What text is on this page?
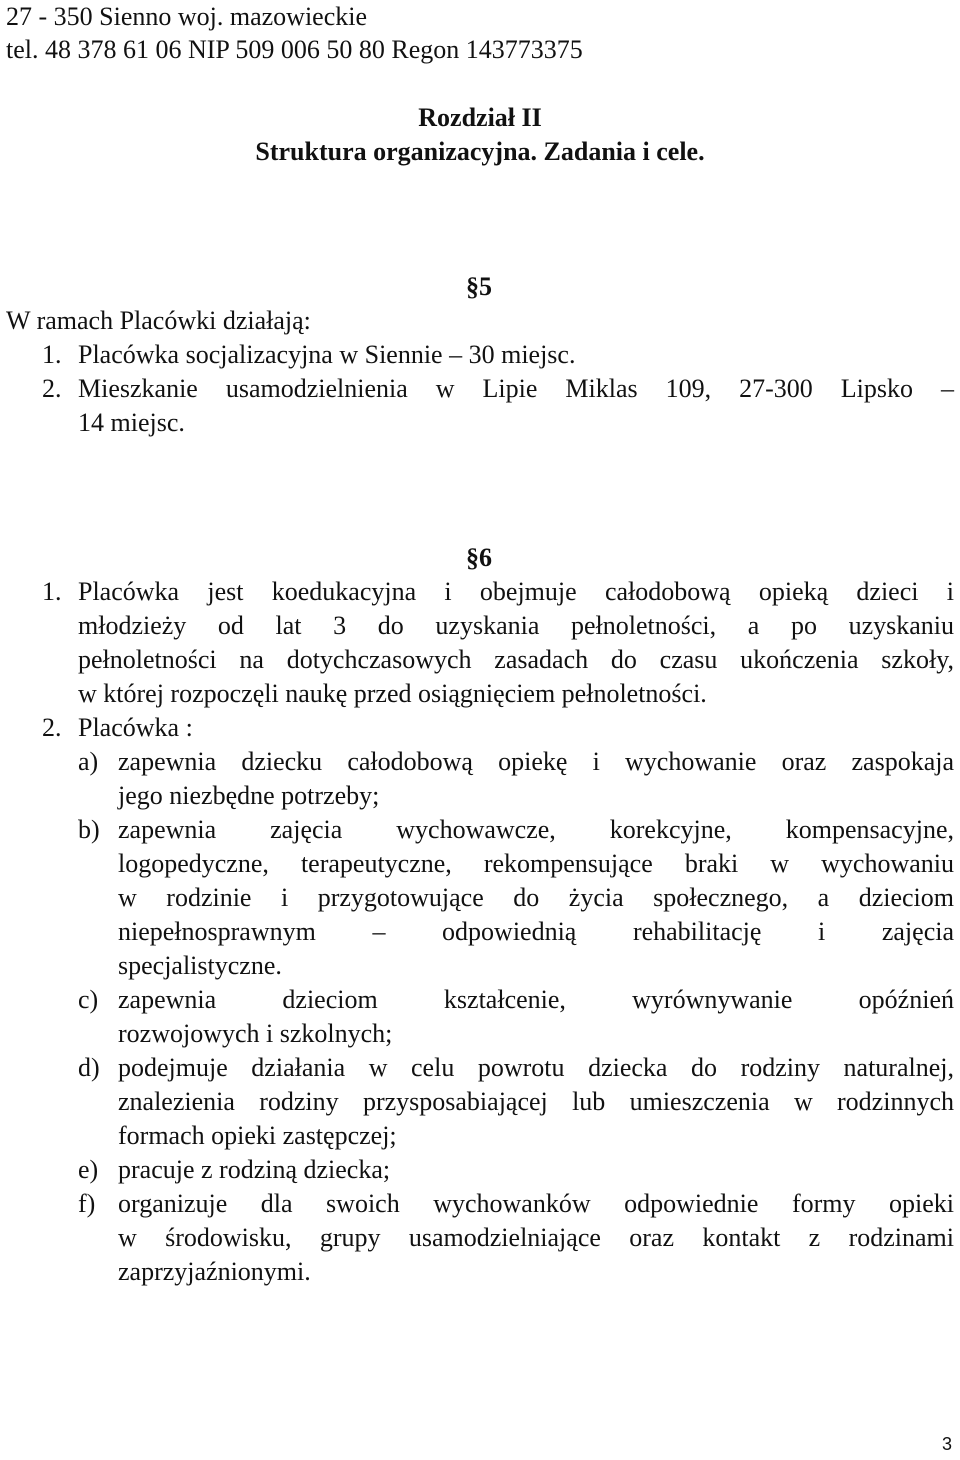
27 - 350 Sienno woj. mazowieckie
tel. 48 378 61 06 NIP 509 006 50 80 Regon 143773375
Rozdział II
Struktura organizacyjna. Zadania i cele.
§5
W ramach Placówki działają:
1. Placówka socjalizacyjna w Siennie – 30 miejsc.
2. Mieszkanie usamodzielnienia w Lipie Miklas 109, 27-300 Lipsko –
14 miejsc.
§6
1. Placówka jest koedukacyjna i obejmuje całodobową opieką dzieci i
młodzieży od lat 3 do uzyskania pełnoletności, a po uzyskaniu
pełnoletności na dotychczasowych zasadach do czasu ukończenia szkoły,
w której rozpoczęli naukę przed osiągnięciem pełnoletności.
2. Placówka :
a) zapewnia dziecku całodobową opiekę i wychowanie oraz zaspokaja
jego niezbędne potrzeby;
b) zapewnia zajęcia wychowawcze, korekcyjne, kompensacyjne,
logopedyczne, terapeutyczne, rekompensujące braki w wychowaniu
w rodzinie i przygotowujące do życia społecznego, a dzieciom
niepełnosprawnym – odpowiednią rehabilitację i zajęcia
specjalistyczne.
c) zapewnia dzieciom kształcenie, wyrównywanie opóźnień
rozwojowych i szkolnych;
d) podejmuje działania w celu powrotu dziecka do rodziny naturalnej,
znalezienia rodziny przysposabiającej lub umieszczenia w rodzinnych
formach opieki zastępczej;
e) pracuje z rodziną dziecka;
f) organizuje dla swoich wychowanków odpowiednie formy opieki
w środowisku, grupy usamodzielniające oraz kontakt z rodzinami
zaprzyjaźnionymi.
3
